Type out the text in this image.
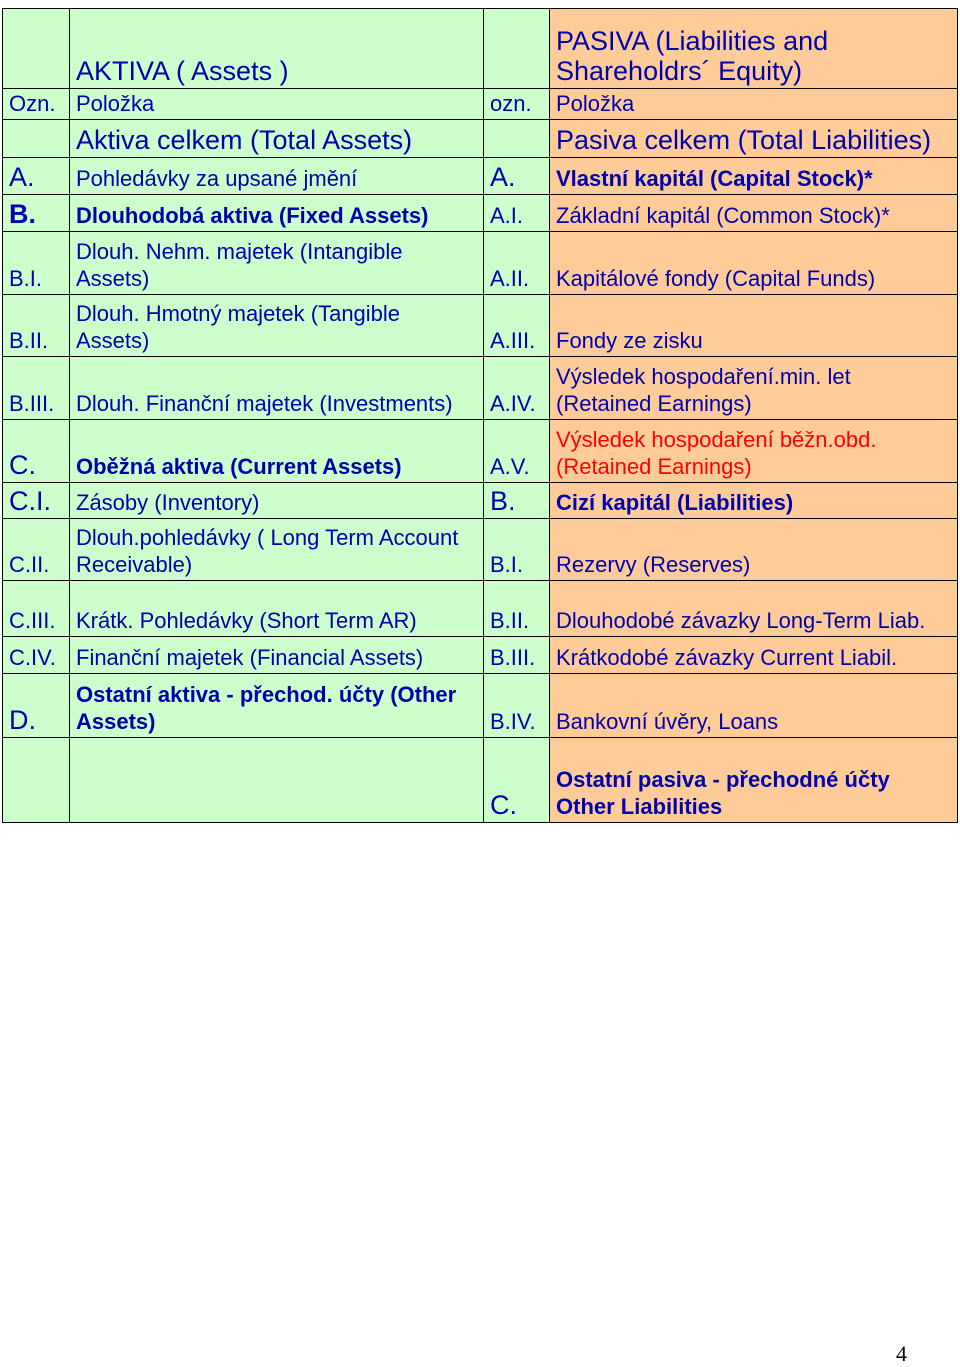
	AKTIVA ( Assets )		PASIVA (Liabilities and Shareholdrs´ Equity)
Ozn.	Položka	ozn.	Položka
	Aktiva celkem (Total Assets)		Pasiva celkem (Total Liabilities)
A.	Pohledávky za upsané jmění	A.	Vlastní kapitál (Capital Stock)*
B.	Dlouhodobá aktiva (Fixed Assets)	A.I.	Základní kapitál (Common Stock)*
B.I.	Dlouh. Nehm. majetek (Intangible Assets)	A.II.	Kapitálové fondy (Capital Funds)
B.II.	Dlouh. Hmotný majetek (Tangible Assets)	A.III.	Fondy ze zisku
B.III.	Dlouh. Finanční majetek (Investments)	A.IV.	Výsledek hospodaření.min. let (Retained Earnings)
C.	Oběžná aktiva (Current Assets)	A.V.	Výsledek hospodaření běžn.obd.(Retained Earnings)
C.I.	Zásoby (Inventory)	B.	Cizí kapitál (Liabilities)
C.II.	Dlouh.pohledávky ( Long Term Account Receivable)	B.I.	Rezervy (Reserves)
C.III.	Krátk. Pohledávky (Short Term AR)	B.II.	Dlouhodobé závazky Long-Term Liab.
C.IV.	Finanční majetek (Financial Assets)	B.III.	Krátkodobé závazky Current Liabil.
D.	Ostatní aktiva - přechod. účty (Other Assets)	B.IV.	Bankovní úvěry, Loans
		C.	Ostatní pasiva - přechodné účty Other Liabilities
4
